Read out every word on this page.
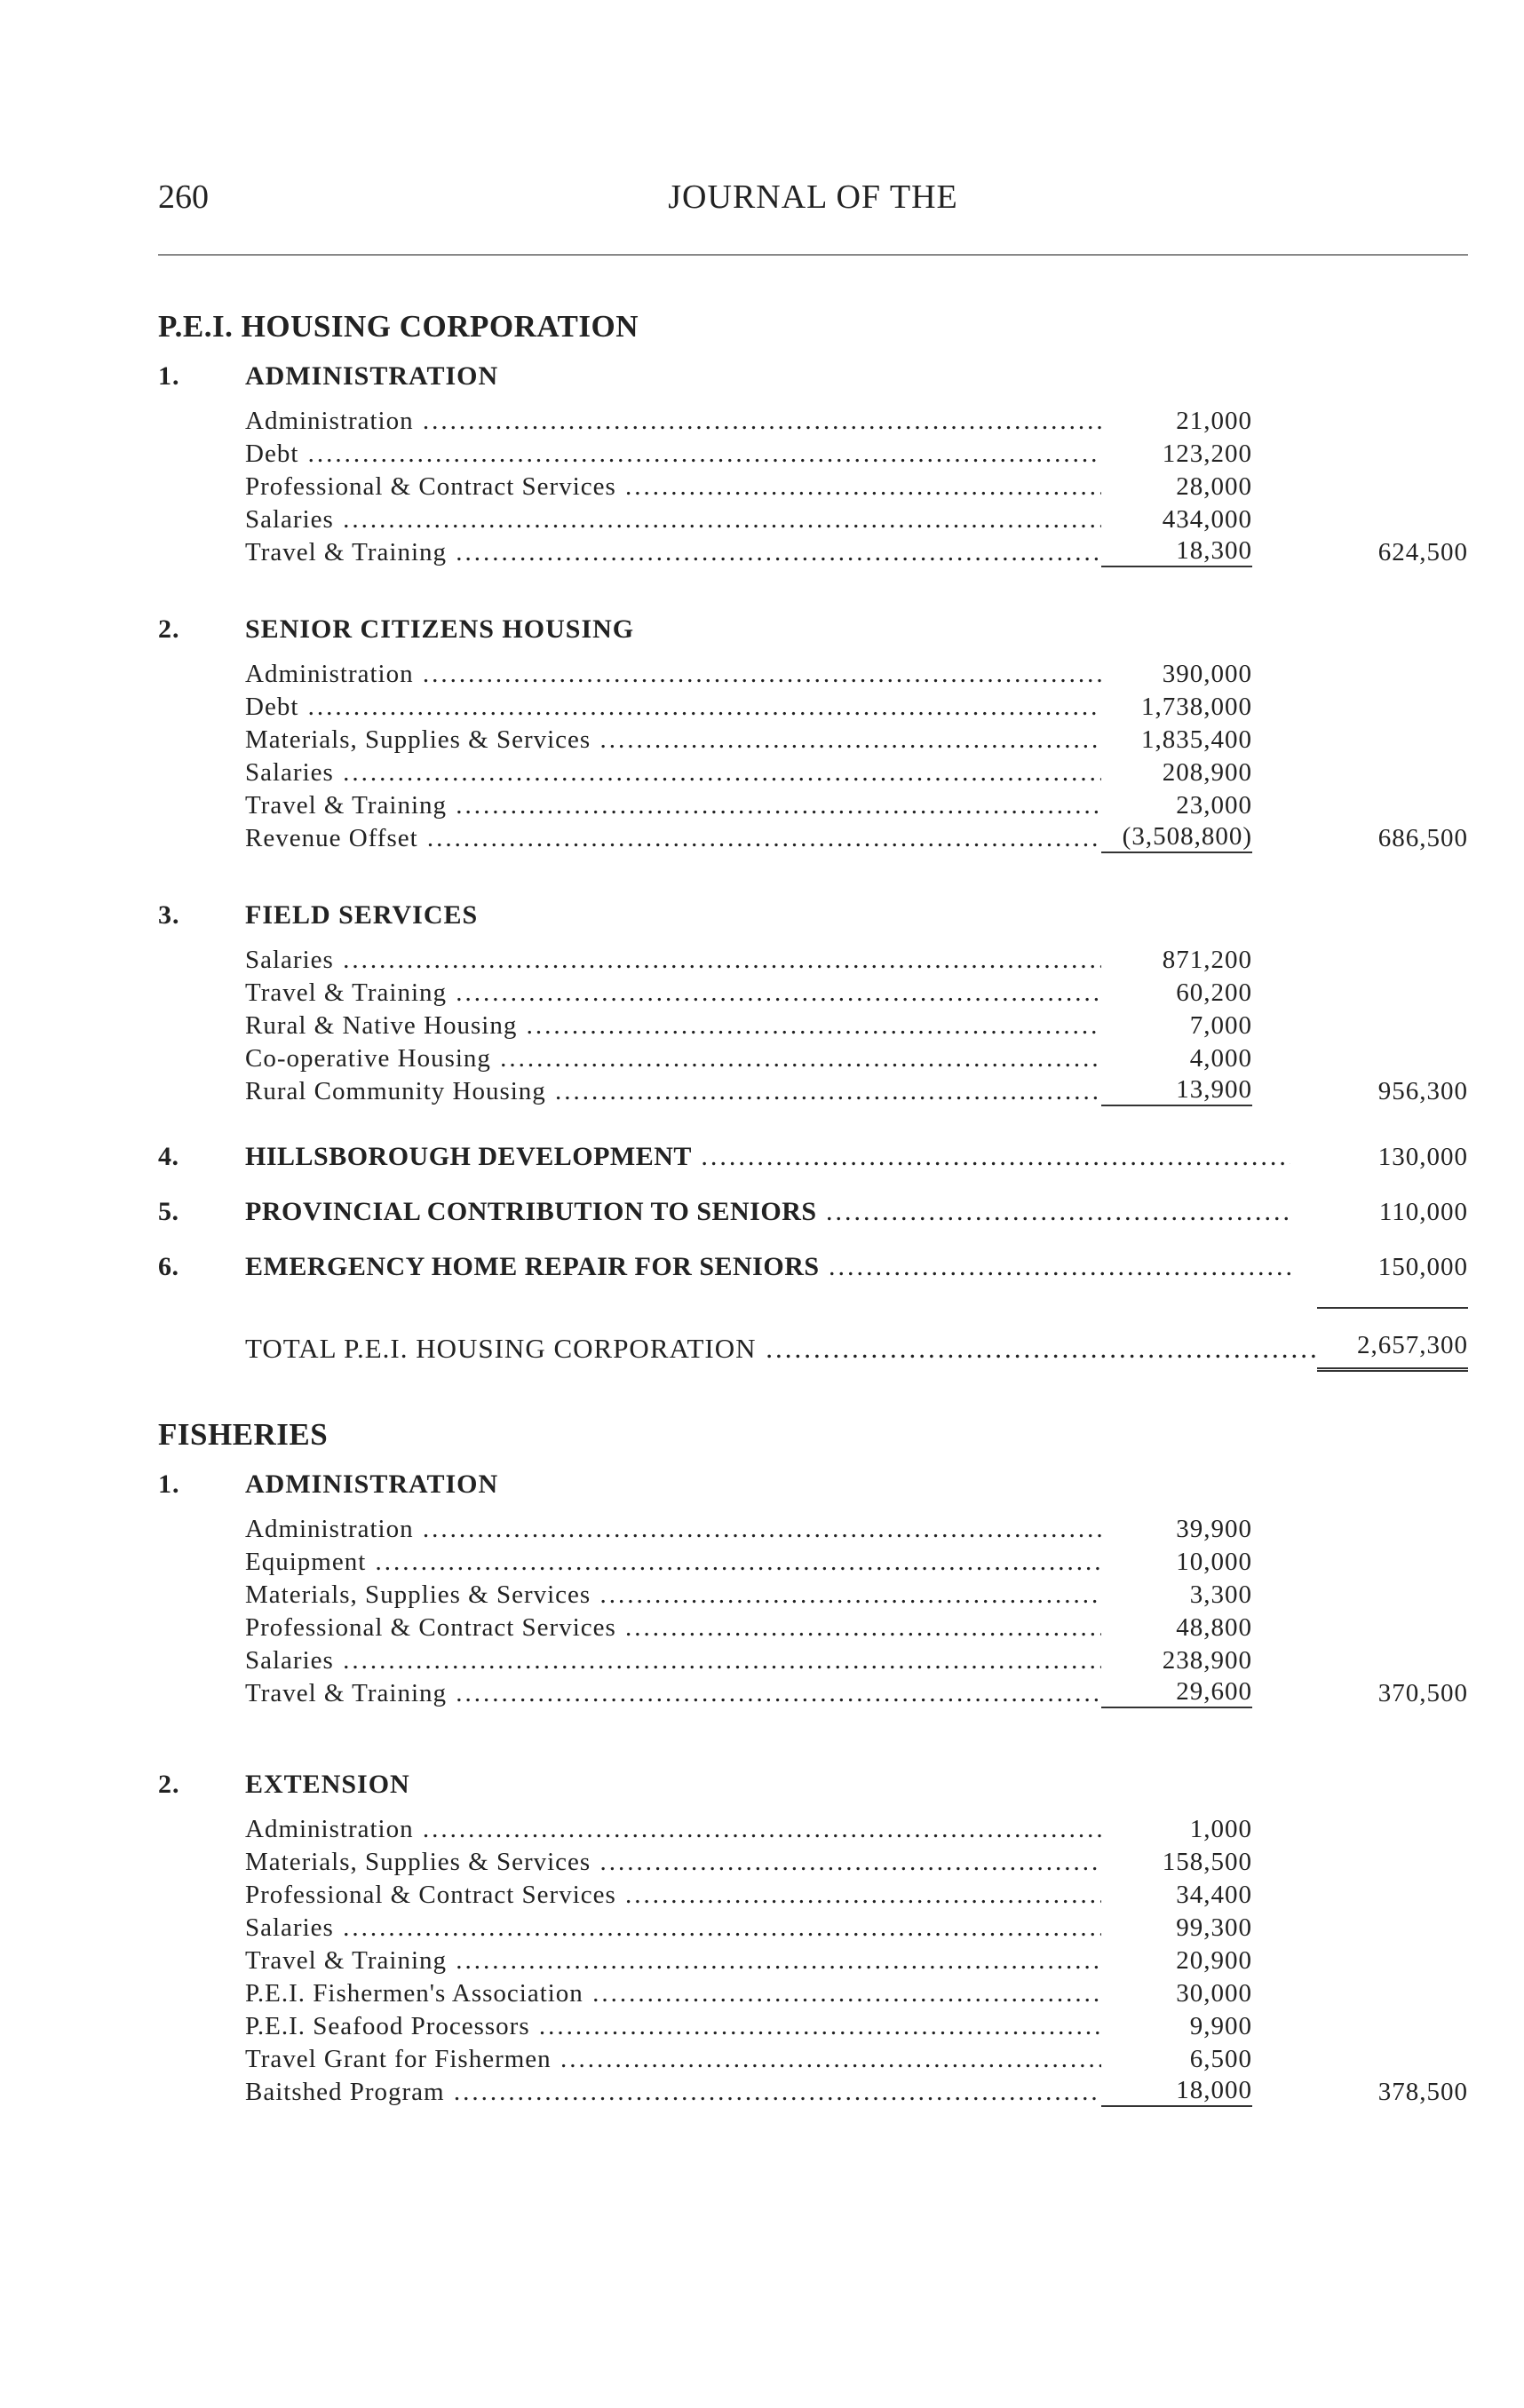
260	JOURNAL OF THE
P.E.I. HOUSING CORPORATION
1. ADMINISTRATION
Administration .....	21,000
Debt .....	123,200
Professional & Contract Services .....	28,000
Salaries .....	434,000
Travel & Training .....	18,300	624,500
2. SENIOR CITIZENS HOUSING
Administration .....	390,000
Debt .....	1,738,000
Materials, Supplies & Services .....	1,835,400
Salaries .....	208,900
Travel & Training .....	23,000
Revenue Offset .....	(3,508,800)	686,500
3. FIELD SERVICES
Salaries .....	871,200
Travel & Training .....	60,200
Rural & Native Housing .....	7,000
Co-operative Housing .....	4,000
Rural Community Housing .....	13,900	956,300
4. HILLSBOROUGH DEVELOPMENT .....	130,000
5. PROVINCIAL CONTRIBUTION TO SENIORS .....	110,000
6. EMERGENCY HOME REPAIR FOR SENIORS .....	150,000
TOTAL P.E.I. HOUSING CORPORATION .....	2,657,300
FISHERIES
1. ADMINISTRATION
Administration .....	39,900
Equipment .....	10,000
Materials, Supplies & Services .....	3,300
Professional & Contract Services .....	48,800
Salaries .....	238,900
Travel & Training .....	29,600	370,500
2. EXTENSION
Administration .....	1,000
Materials, Supplies & Services .....	158,500
Professional & Contract Services .....	34,400
Salaries .....	99,300
Travel & Training .....	20,900
P.E.I. Fishermen's Association .....	30,000
P.E.I. Seafood Processors .....	9,900
Travel Grant for Fishermen .....	6,500
Baitshed Program .....	18,000	378,500
